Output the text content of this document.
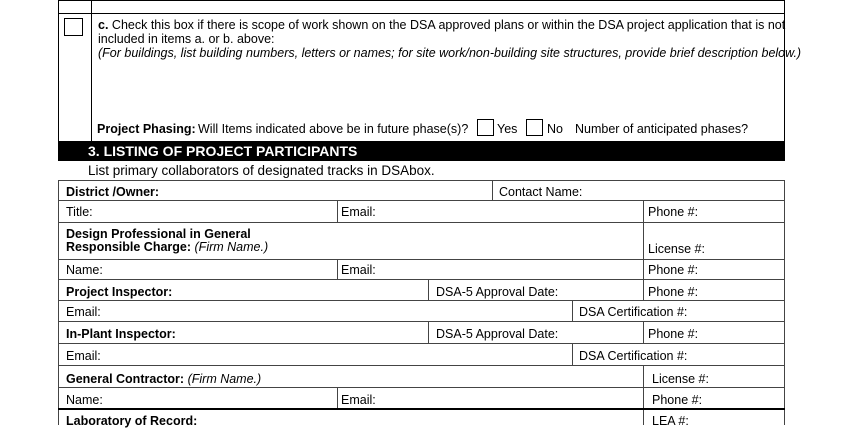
c. Check this box if there is scope of work shown on the DSA approved plans or within the DSA project application that is not
included in items a. or b. above:
(For buildings, list building numbers, letters or names; for site work/non-building site structures, provide brief description below.)
Project Phasing: Will Items indicated above be in future phase(s)? Yes No Number of anticipated phases?
3. LISTING OF PROJECT PARTICIPANTS
List primary collaborators of designated tracks in DSAbox.
District /Owner:	Contact Name:
Title:	Email:	Phone #:
Design Professional in General
Responsible Charge: (Firm Name.)	License #:
Name:	Email:	Phone #:
Project Inspector:	DSA-5 Approval Date:	Phone #:
Email:	DSA Certification #:
In-Plant Inspector:	DSA-5 Approval Date:	Phone #:
Email:	DSA Certification #:
General Contractor: (Firm Name.)	License #:
Name:	Email:	Phone #:
Laboratory of Record:	LEA #:
